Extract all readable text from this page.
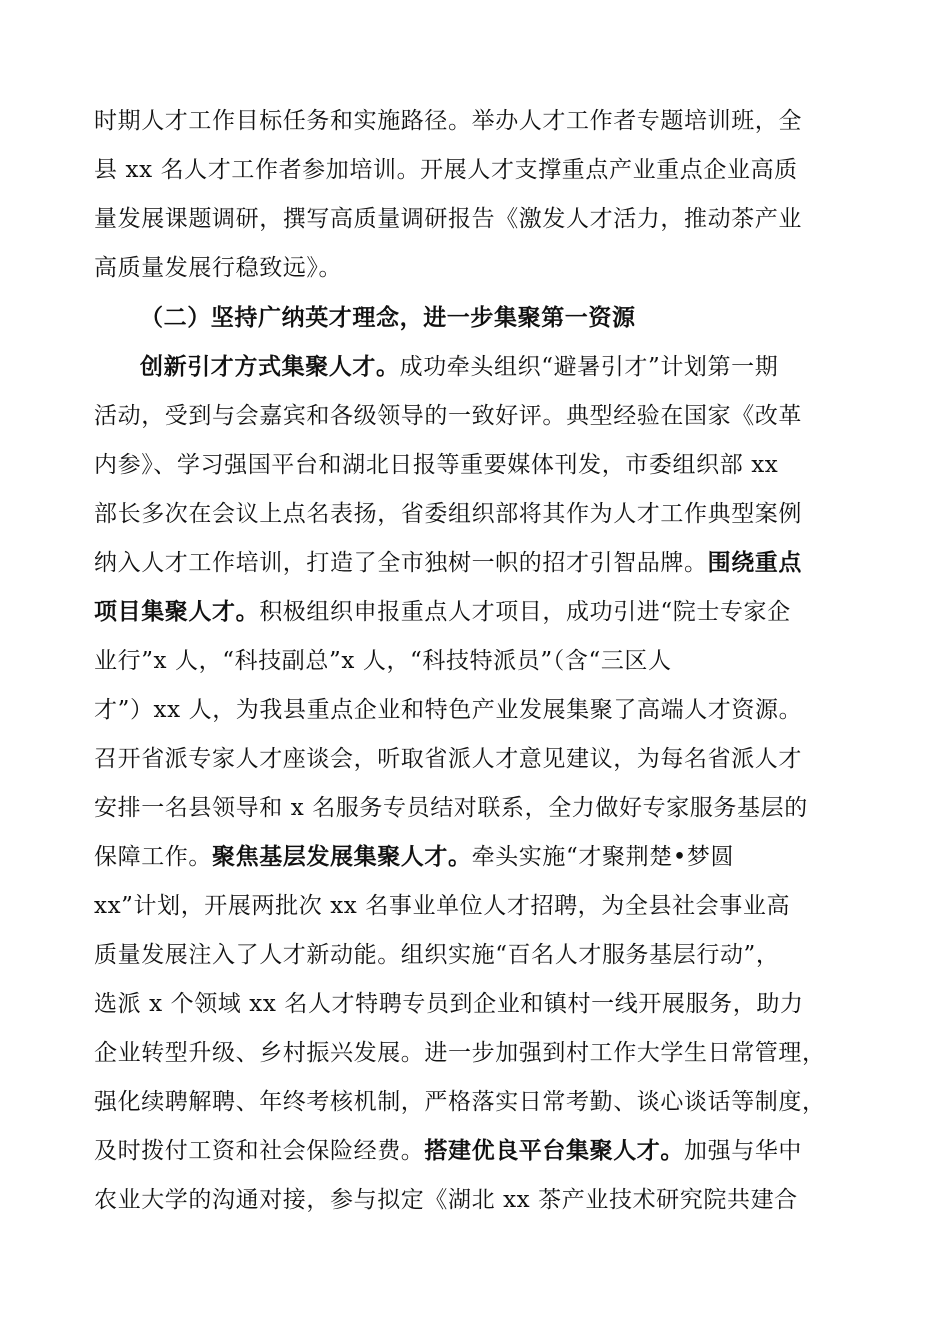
时期人才工作目标任务和实施路径。举办人才工作者专题培训班，全
县 xx 名人才工作者参加培训。开展人才支撑重点产业重点企业高质
量发展课题调研，撰写高质量调研报告《激发人才活力，推动茶产业
高质量发展行稳致远》。
（二）坚持广纳英才理念，进一步集聚第一资源
创新引才方式集聚人才。成功牵头组织“避暑引才”计划第一期
活动，受到与会嘉宾和各级领导的一致好评。典型经验在国家《改革
内参》、学习强国平台和湖北日报等重要媒体刊发，市委组织部 xx
部长多次在会议上点名表扬，省委组织部将其作为人才工作典型案例
纳入人才工作培训，打造了全市独树一帜的招才引智品牌。围绕重点
项目集聚人才。积极组织申报重点人才项目，成功引进“院士专家企
业行”x 人，“科技副总”x 人，“科技特派员”（含“三区人
才”）xx 人，为我县重点企业和特色产业发展集聚了高端人才资源。
召开省派专家人才座谈会，听取省派人才意见建议，为每名省派人才
安排一名县领导和 x 名服务专员结对联系，全力做好专家服务基层的
保障工作。聚焦基层发展集聚人才。牵头实施“才聚荆楚•梦圆
xx”计划，开展两批次 xx 名事业单位人才招聘，为全县社会事业高
质量发展注入了人才新动能。组织实施“百名人才服务基层行动”，
选派 x 个领域 xx 名人才特聘专员到企业和镇村一线开展服务，助力
企业转型升级、乡村振兴发展。进一步加强到村工作大学生日常管理，
强化续聘解聘、年终考核机制，严格落实日常考勤、谈心谈话等制度，
及时拨付工资和社会保险经费。搭建优良平台集聚人才。加强与华中
农业大学的沟通对接，参与拟定《湖北 xx 茶产业技术研究院共建合
